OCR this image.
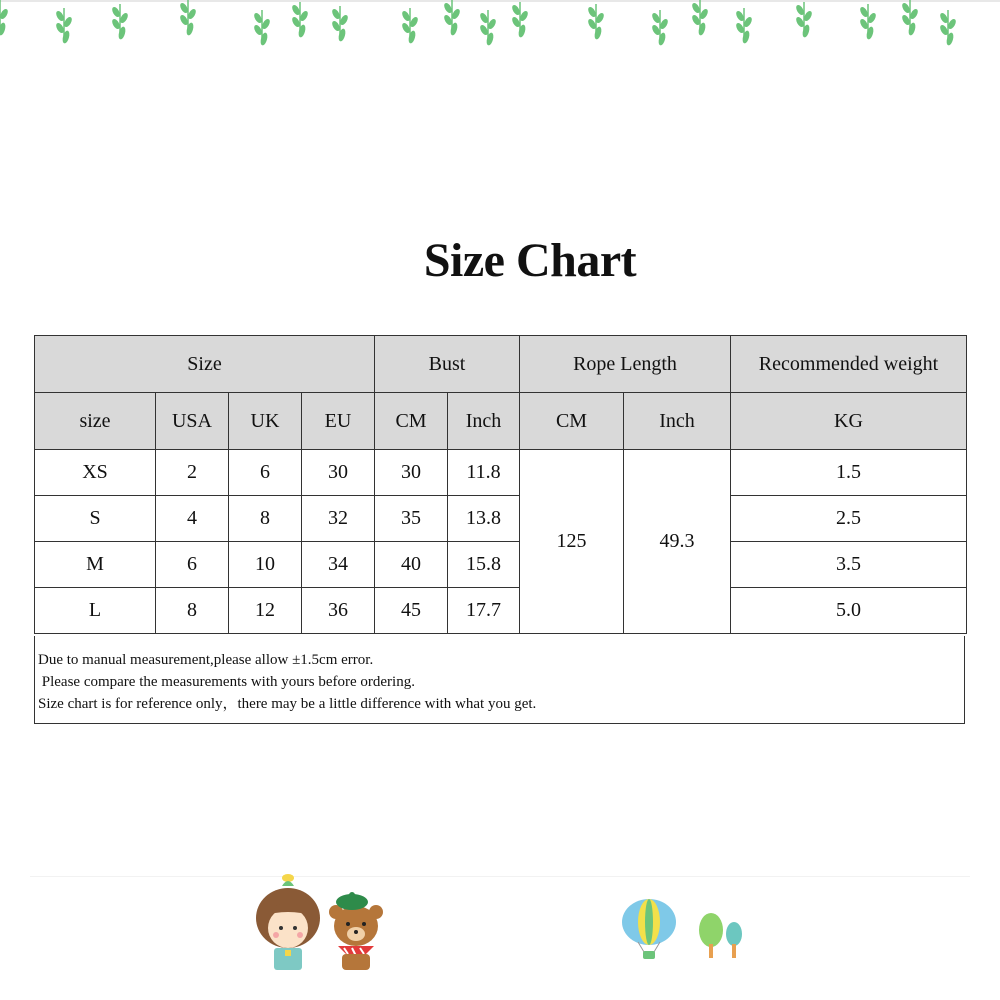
Size Chart
Size				Bust		Rope Length		Recommended weight
size	USA	UK	EU	CM	Inch	CM	Inch	KG
XS	2	6	30	30	11.8	125	49.3	1.5
S	4	8	32	35	13.8			2.5
M	6	10	34	40	15.8			3.5
L	8	12	36	45	17.7			5.0
Due to manual measurement,please allow ±1.5cm error.
Please compare the measurements with yours before ordering.
Size chart is for reference only，there may be a little difference with what you get.
